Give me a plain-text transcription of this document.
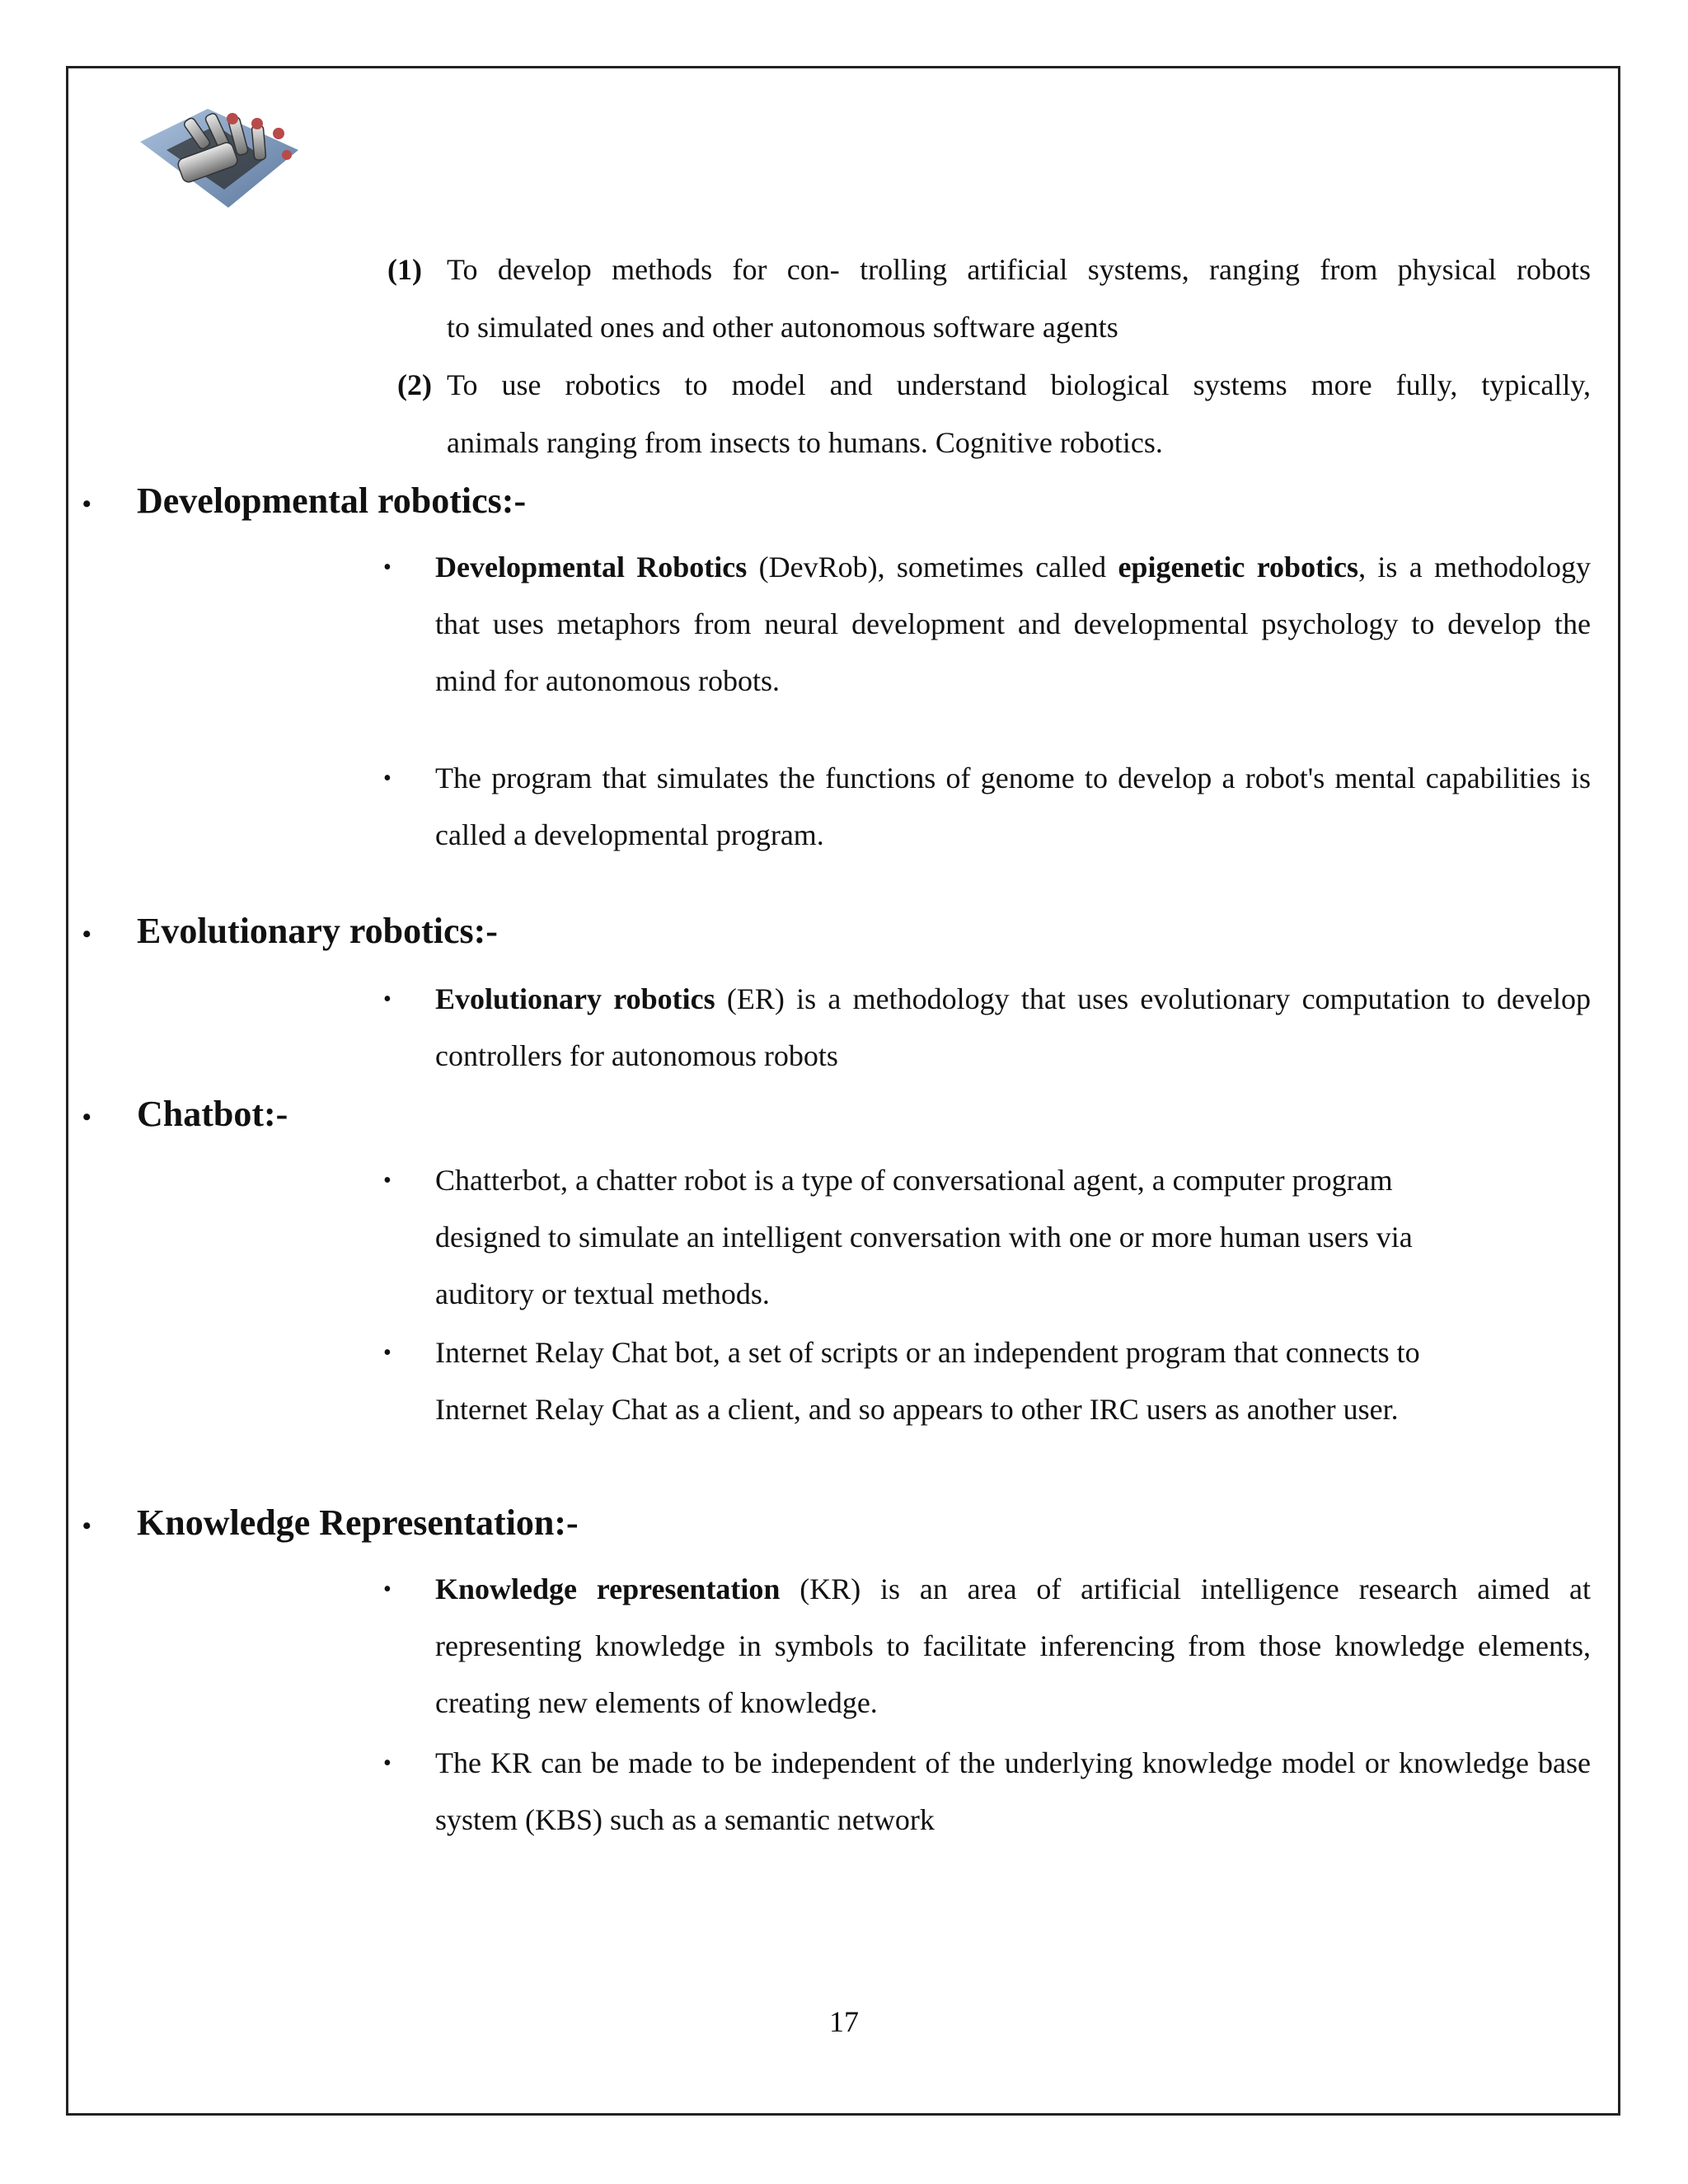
(1) To develop methods for con- trolling artificial systems, ranging from physical robots
to simulated ones and other autonomous software agents
(2) To use robotics to model and understand biological systems more fully, typically,
animals ranging from insects to humans. Cognitive robotics.
• Developmental robotics:-
• Developmental Robotics (DevRob), sometimes called epigenetic robotics, is a methodology that uses metaphors from neural development and developmental psychology to develop the mind for autonomous robots.
• The program that simulates the functions of genome to develop a robot's mental capabilities is called a developmental program.
• Evolutionary robotics:-
• Evolutionary robotics (ER) is a methodology that uses evolutionary computation to develop controllers for autonomous robots
• Chatbot:-
• Chatterbot, a chatter robot is a type of conversational agent, a computer program
designed to simulate an intelligent conversation with one or more human users via
auditory or textual methods.
• Internet Relay Chat bot, a set of scripts or an independent program that connects to
Internet Relay Chat as a client, and so appears to other IRC users as another user.
• Knowledge Representation:-
• Knowledge representation (KR) is an area of artificial intelligence research aimed at representing knowledge in symbols to facilitate inferencing from those knowledge elements, creating new elements of knowledge.
• The KR can be made to be independent of the underlying knowledge model or knowledge base system (KBS) such as a semantic network
17
